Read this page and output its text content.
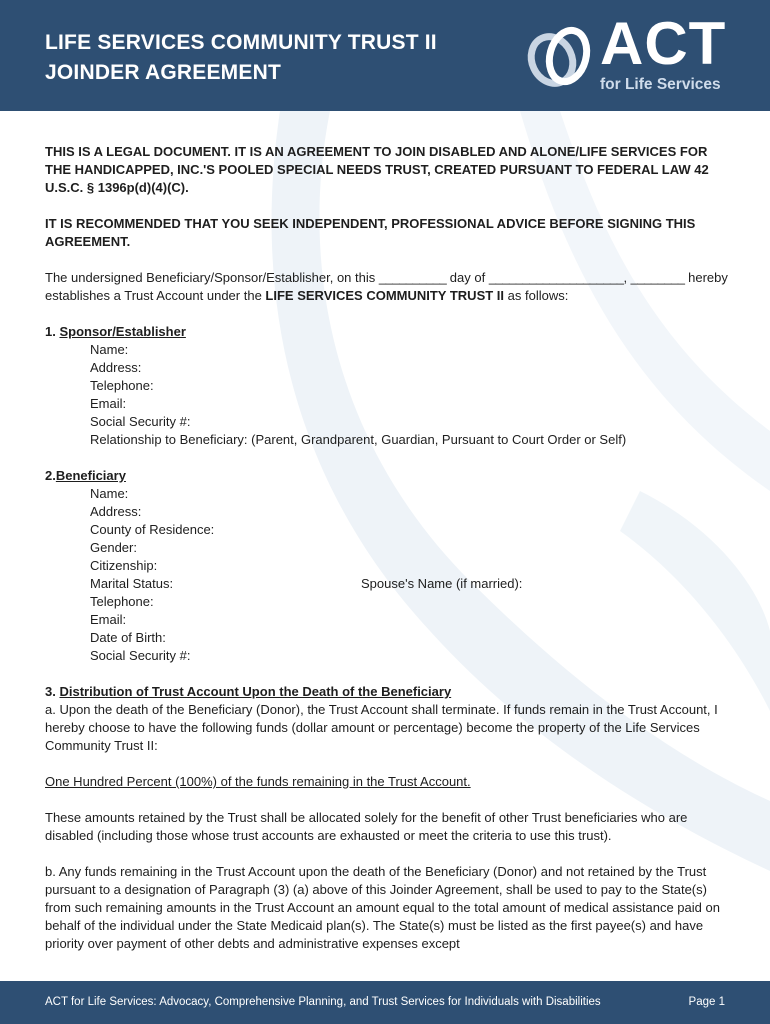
LIFE SERVICES COMMUNITY TRUST II
JOINDER AGREEMENT	ACT
for Life Services

THIS IS A LEGAL DOCUMENT. IT IS AN AGREEMENT TO JOIN DISABLED AND ALONE/LIFE SERVICES FOR THE HANDICAPPED, INC.'S POOLED SPECIAL NEEDS TRUST, CREATED PURSUANT TO FEDERAL LAW 42 U.S.C. § 1396p(d)(4)(C).

IT IS RECOMMENDED THAT YOU SEEK INDEPENDENT, PROFESSIONAL ADVICE BEFORE SIGNING THIS AGREEMENT.

The undersigned Beneficiary/Sponsor/Establisher, on this __________ day of ____________________, ________ hereby establishes a Trust Account under the LIFE SERVICES COMMUNITY TRUST II as follows:

1. Sponsor/Establisher

Name:

Address:

Telephone:

Email:

Social Security #:

Relationship to Beneficiary: (Parent, Grandparent, Guardian, Pursuant to Court Order or Self)

2.Beneficiary

Name:

Address:

County of Residence:

Gender:

Citizenship:

Marital Status:	Spouse's Name (if married):

Telephone:

Email:

Date of Birth:

Social Security #:

3. Distribution of Trust Account Upon the Death of the Beneficiary

a. Upon the death of the Beneficiary (Donor), the Trust Account shall terminate. If funds remain in the Trust Account, I hereby choose to have the following funds (dollar amount or percentage) become the property of the Life Services Community Trust II:

One Hundred Percent (100%) of the funds remaining in the Trust Account.

These amounts retained by the Trust shall be allocated solely for the benefit of other Trust beneficiaries who are disabled (including those whose trust accounts are exhausted or meet the criteria to use this trust).

b. Any funds remaining in the Trust Account upon the death of the Beneficiary (Donor) and not retained by the Trust pursuant to a designation of Paragraph (3) (a) above of this Joinder Agreement, shall be used to pay to the State(s) from such remaining amounts in the Trust Account an amount equal to the total amount of medical assistance paid on behalf of the individual under the State Medicaid plan(s). The State(s) must be listed as the first payee(s) and have priority over payment of other debts and administrative expenses except

ACT for Life Services: Advocacy, Comprehensive Planning, and Trust Services for Individuals with Disabilities	Page 1
